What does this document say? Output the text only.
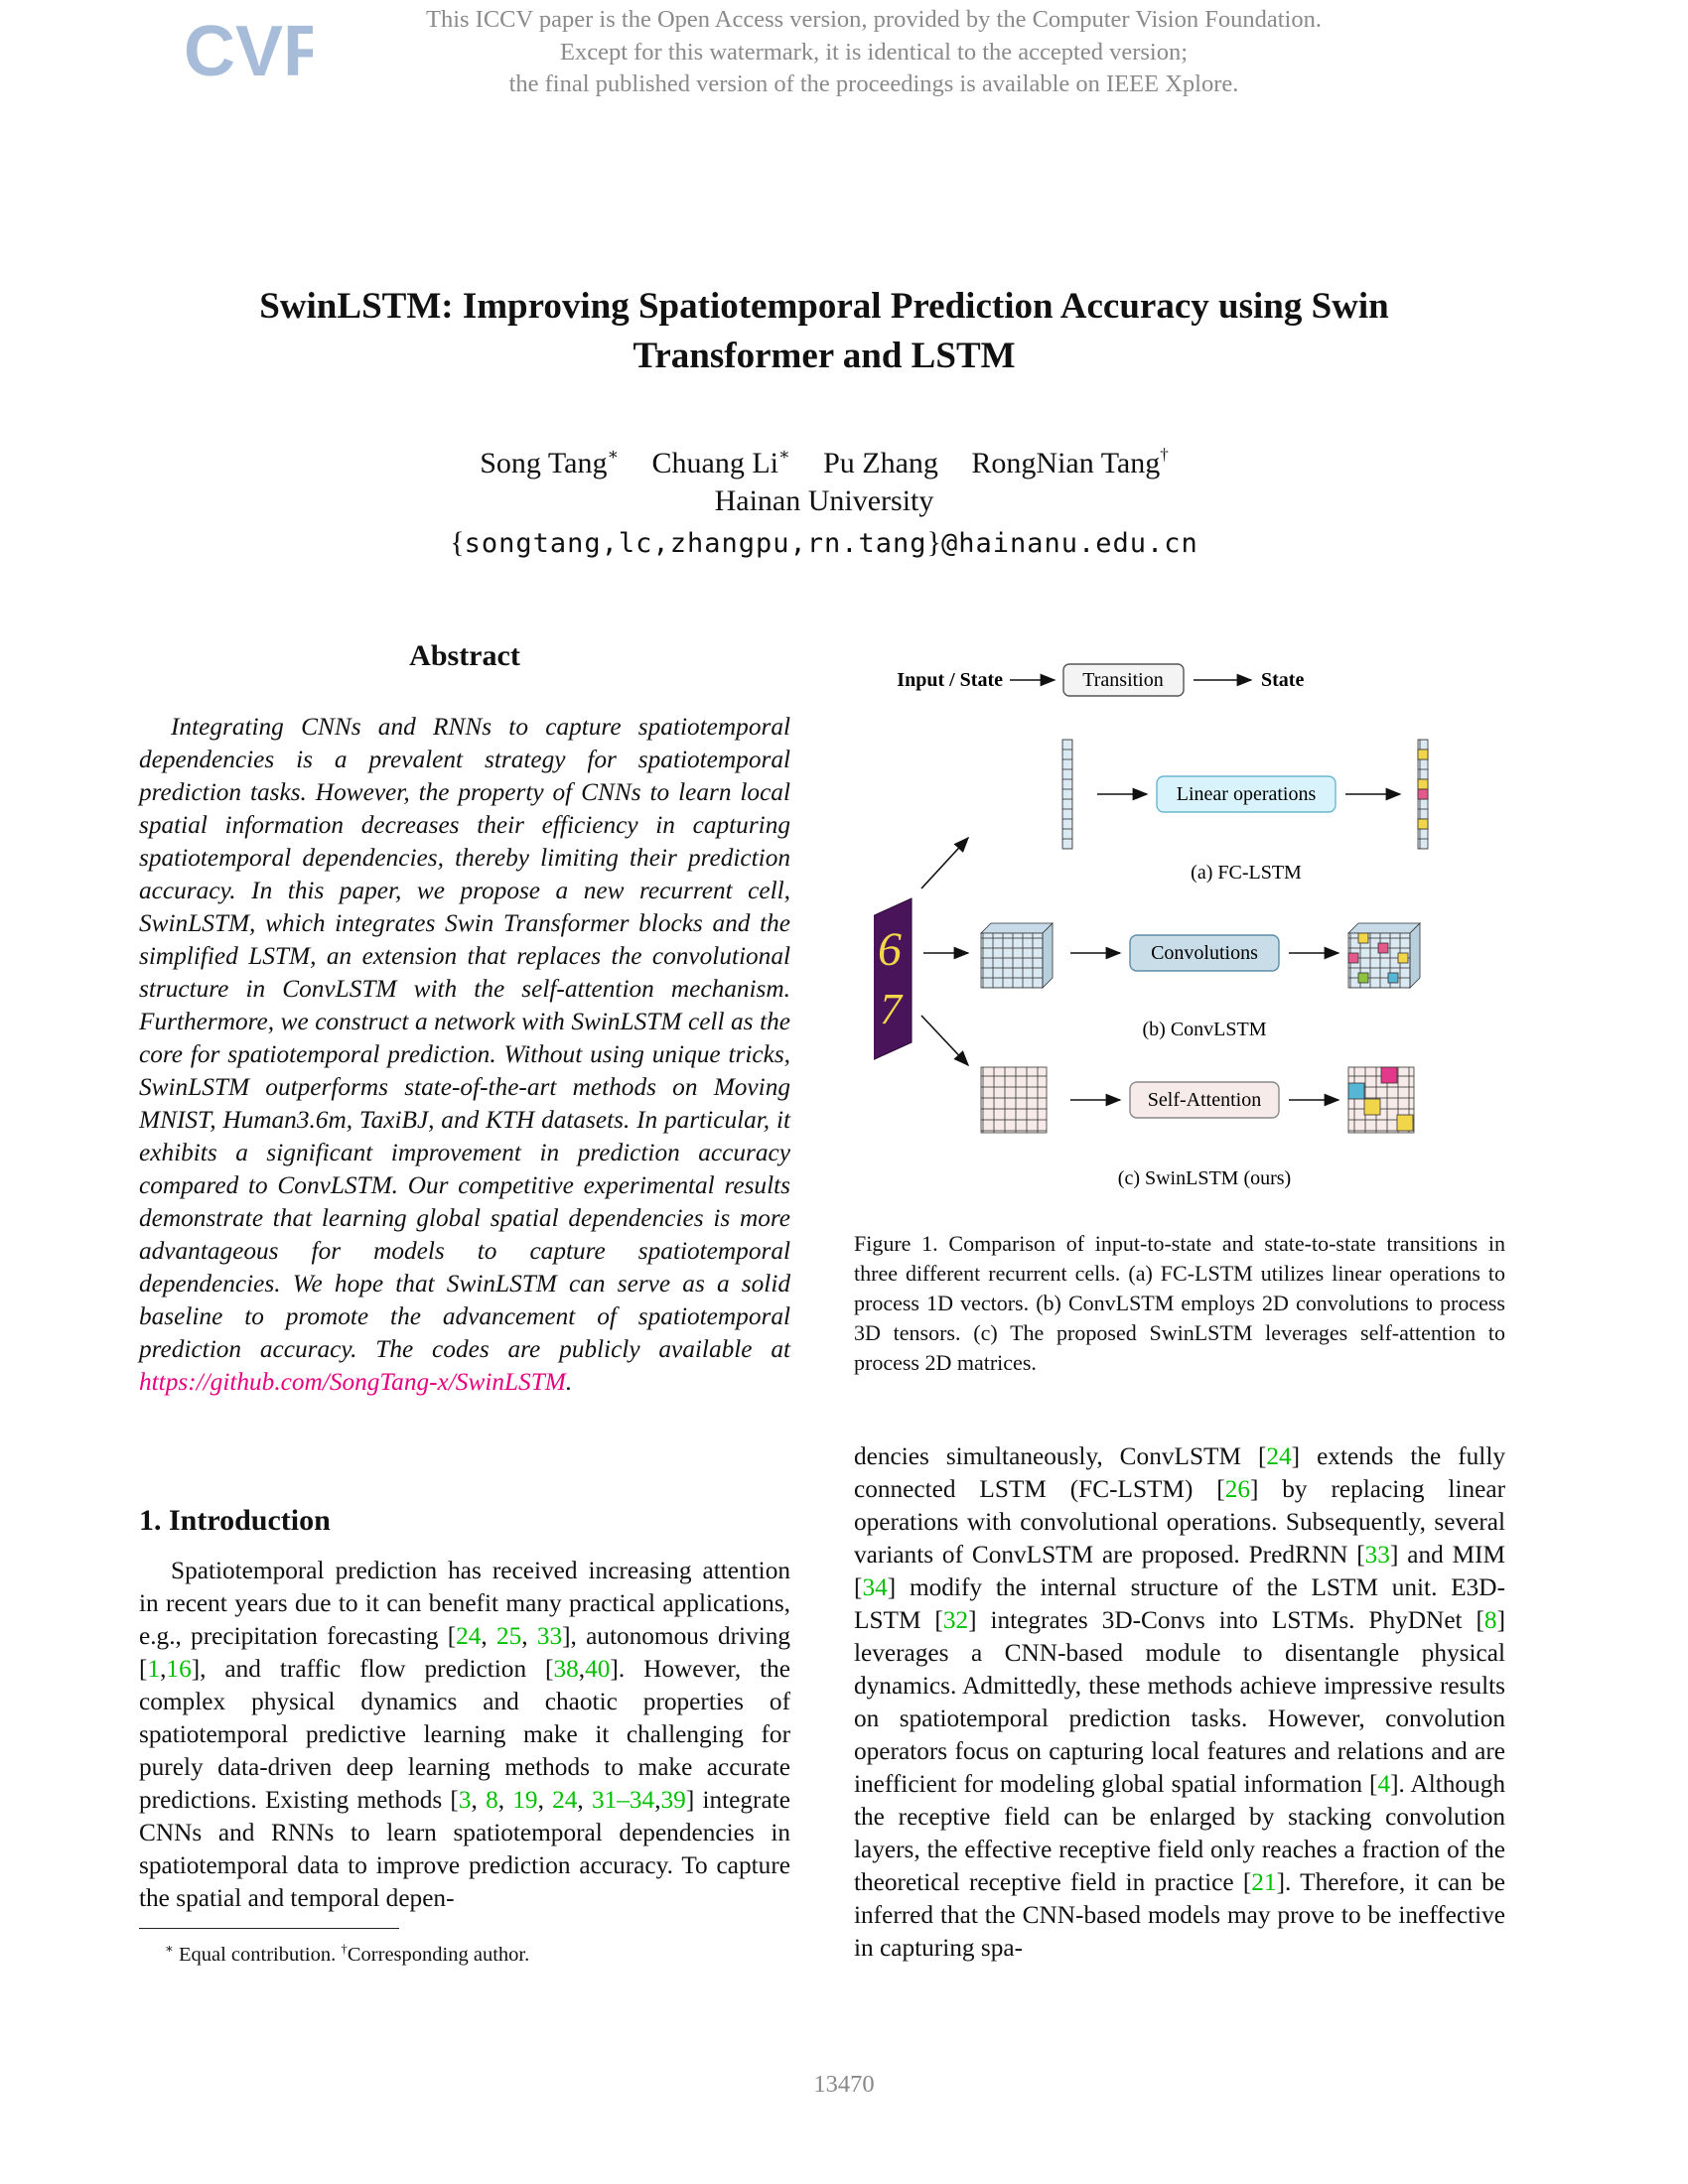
CVF	This ICCV paper is the Open Access version, provided by the Computer Vision Foundation.
Except for this watermark, it is identical to the accepted version;
the final published version of the proceedings is available on IEEE Xplore.
SwinLSTM: Improving Spatiotemporal Prediction Accuracy using Swin
Transformer and LSTM
Song Tang∗ Chuang Li∗ Pu Zhang RongNian Tang†
Hainan University
{songtang,lc,zhangpu,rn.tang}@hainanu.edu.cn
Abstract

Integrating CNNs and RNNs to capture spatiotemporal dependencies is a prevalent strategy for spatiotemporal prediction tasks. However, the property of CNNs to learn local spatial information decreases their efficiency in capturing spatiotemporal dependencies, thereby limiting their prediction accuracy. In this paper, we propose a new recurrent cell, SwinLSTM, which integrates Swin Transformer blocks and the simplified LSTM, an extension that replaces the convolutional structure in ConvLSTM with the self-attention mechanism. Furthermore, we construct a network with SwinLSTM cell as the core for spatiotemporal prediction. Without using unique tricks, SwinLSTM outperforms state-of-the-art methods on Moving MNIST, Human3.6m, TaxiBJ, and KTH datasets. In particular, it exhibits a significant improvement in prediction accuracy compared to ConvLSTM. Our competitive experimental results demonstrate that learning global spatial dependencies is more advantageous for models to capture spatiotemporal dependencies. We hope that SwinLSTM can serve as a solid baseline to promote the advancement of spatiotemporal prediction accuracy. The codes are publicly available at https://github.com/SongTang-x/SwinLSTM.

1. Introduction

Spatiotemporal prediction has received increasing attention in recent years due to it can benefit many practical applications, e.g., precipitation forecasting [24, 25, 33], autonomous driving [1,16], and traffic flow prediction [38,40]. However, the complex physical dynamics and chaotic properties of spatiotemporal predictive learning make it challenging for purely data-driven deep learning methods to make accurate predictions. Existing methods [3, 8, 19, 24, 31–34,39] integrate CNNs and RNNs to learn spatiotemporal dependencies in spatiotemporal data to improve prediction accuracy. To capture the spatial and temporal depen-

∗ Equal contribution. †Corresponding author.
Input / State	Transition	State
6
7
Linear operations
(a) FC-LSTM
Convolutions
(b) ConvLSTM
Self-Attention
(c) SwinLSTM (ours)
Figure 1. Comparison of input-to-state and state-to-state transitions in three different recurrent cells. (a) FC-LSTM utilizes linear operations to process 1D vectors. (b) ConvLSTM employs 2D convolutions to process 3D tensors. (c) The proposed SwinLSTM leverages self-attention to process 2D matrices.

dencies simultaneously, ConvLSTM [24] extends the fully connected LSTM (FC-LSTM) [26] by replacing linear operations with convolutional operations. Subsequently, several variants of ConvLSTM are proposed. PredRNN [33] and MIM [34] modify the internal structure of the LSTM unit. E3D-LSTM [32] integrates 3D-Convs into LSTMs. PhyDNet [8] leverages a CNN-based module to disentangle physical dynamics. Admittedly, these methods achieve impressive results on spatiotemporal prediction tasks. However, convolution operators focus on capturing local features and relations and are inefficient for modeling global spatial information [4]. Although the receptive field can be enlarged by stacking convolution layers, the effective receptive field only reaches a fraction of the theoretical receptive field in practice [21]. Therefore, it can be inferred that the CNN-based models may prove to be ineffective in capturing spa-

13470
